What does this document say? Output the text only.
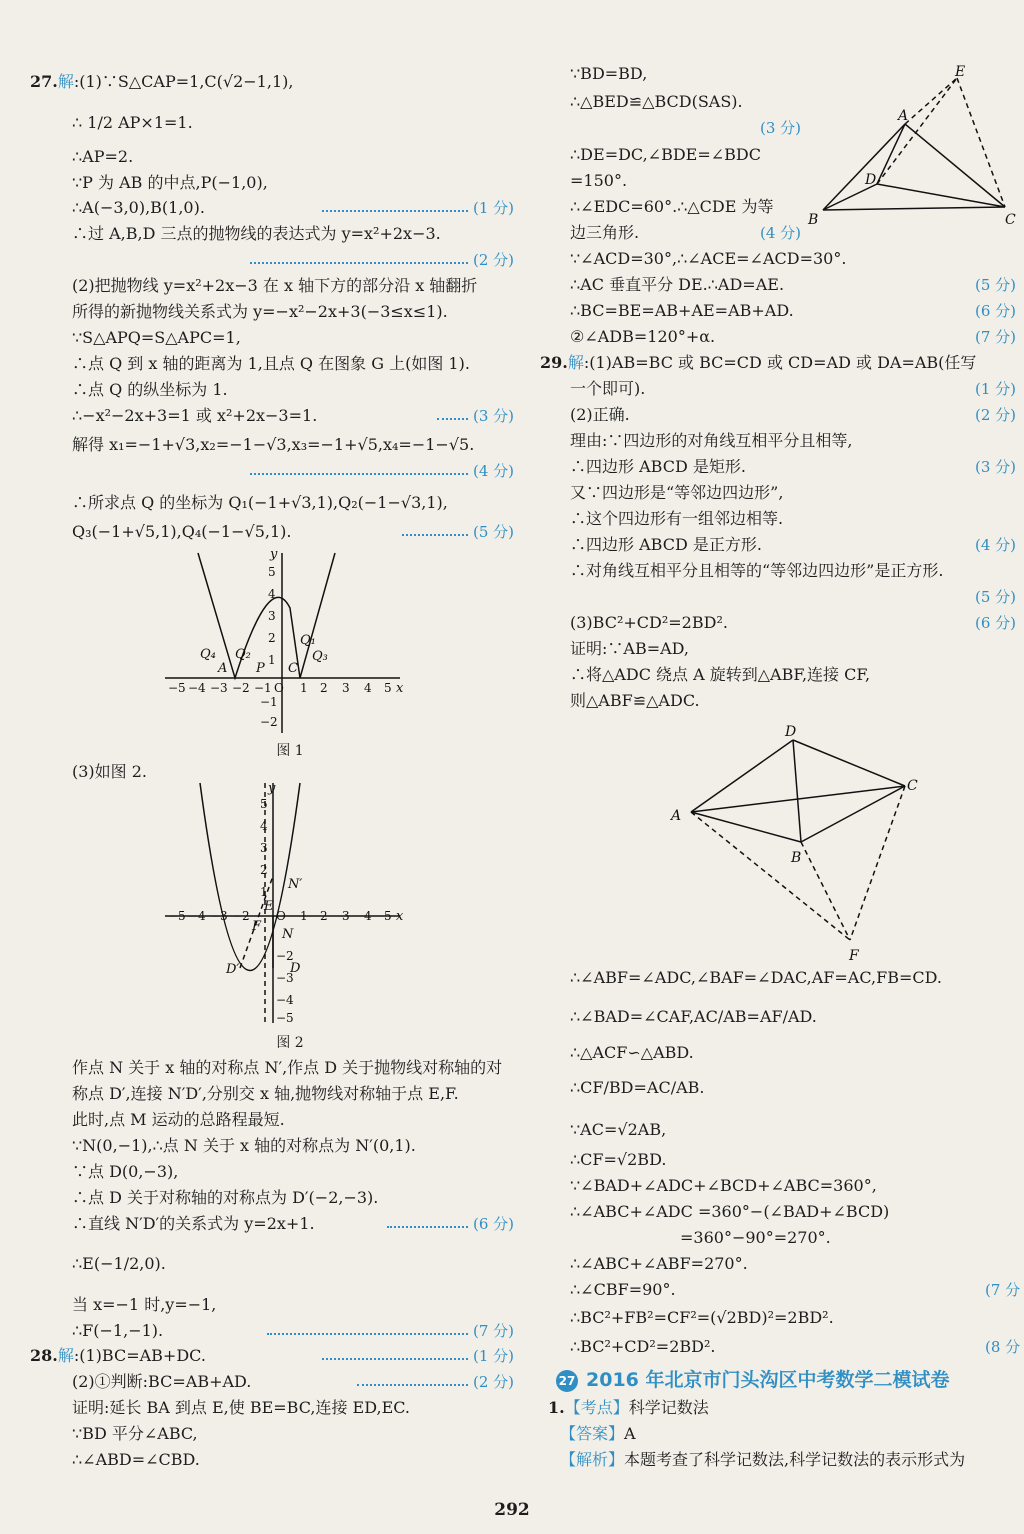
x
y
Q₄
A
Q₂
P C
Q₁
Q₃
−5 −4 −3 −2 −1 O 1 2 3 4 5
5
4
3
2
1
−1
−2
图 1
x
y
N′
E
F
N
D′	D
−5 −4 −3 −2 O 1 2 3 4 5
5
4
3
2
1
−2
−3
−4
−5
图 2
E
A
D
B	C
D
C
A
B
F
27 2016 年北京市门头沟区中考数学二模试卷
1.【考点】科学记数法
【答案】A
【解析】本题考查了科学记数法,科学记数法的表示形式为
292
27.解:(1)∵S△CAP=1,C(√2−1,1),
∴ 1/2 AP×1=1.
∴AP=2.
∵P 为 AB 的中点,P(−1,0),
∴A(−3,0),B(1,0).
∴过 A,B,D 三点的抛物线的表达式为 y=x²+2x−3.
(2)把抛物线 y=x²+2x−3 在 x 轴下方的部分沿 x 轴翻折
所得的新抛物线关系式为 y=−x²−2x+3(−3≤x≤1).
∵S△APQ=S△APC=1,
∴点 Q 到 x 轴的距离为 1,且点 Q 在图象 G 上(如图 1).
∴点 Q 的纵坐标为 1.
∴−x²−2x+3=1 或 x²+2x−3=1.
解得 x₁=−1+√3,x₂=−1−√3,x₃=−1+√5,x₄=−1−√5.
∴所求点 Q 的坐标为 Q₁(−1+√3,1),Q₂(−1−√3,1),
Q₃(−1+√5,1),Q₄(−1−√5,1).
(3)如图 2.
作点 N 关于 x 轴的对称点 N′,作点 D 关于抛物线对称轴的对
称点 D′,连接 N′D′,分别交 x 轴,抛物线对称轴于点 E,F.
此时,点 M 运动的总路程最短.
∵N(0,−1),∴点 N 关于 x 轴的对称点为 N′(0,1).
∵点 D(0,−3),
∴点 D 关于对称轴的对称点为 D′(−2,−3).
∴直线 N′D′的关系式为 y=2x+1.
∴E(−1/2,0).
当 x=−1 时,y=−1,
∴F(−1,−1).
28.解:(1)BC=AB+DC.
(2)①判断:BC=AB+AD.
证明:延长 BA 到点 E,使 BE=BC,连接 ED,EC.
∵BD 平分∠ABC,
∴∠ABD=∠CBD.
∵BD=BD,
∴△BED≌△BCD(SAS).
∴DE=DC,∠BDE=∠BDC
=150°.
∴∠EDC=60°.∴△CDE 为等
边三角形.
∵∠ACD=30°,∴∠ACE=∠ACD=30°.
∴AC 垂直平分 DE.∴AD=AE.
∴BC=BE=AB+AE=AB+AD.
②∠ADB=120°+α.
29.解:(1)AB=BC 或 BC=CD 或 CD=AD 或 DA=AB(任写
一个即可).
(2)正确.
理由:∵四边形的对角线互相平分且相等,
∴四边形 ABCD 是矩形.
又∵四边形是“等邻边四边形”,
∴这个四边形有一组邻边相等.
∴四边形 ABCD 是正方形.
∴对角线互相平分且相等的“等邻边四边形”是正方形.
(3)BC²+CD²=2BD².
证明:∵AB=AD,
∴将△ADC 绕点 A 旋转到△ABF,连接 CF,
则△ABF≌△ADC.
∴∠ABF=∠ADC,∠BAF=∠DAC,AF=AC,FB=CD.
∴∠BAD=∠CAF,AC/AB=AF/AD.
∴△ACF∽△ABD.
∴CF/BD=AC/AB.
∵AC=√2AB,
∴CF=√2BD.
∵∠BAD+∠ADC+∠BCD+∠ABC=360°,
∴∠ABC+∠ADC =360°−(∠BAD+∠BCD)
=360°−90°=270°.
∴∠ABC+∠ABF=270°.
∴∠CBF=90°.
∴BC²+FB²=CF²=(√2BD)²=2BD².
∴BC²+CD²=2BD².
(1 分)
(2 分)
(3 分)
(4 分)
(5 分)
(6 分)
(7 分)
(1 分)
(2 分)
(3 分)
(4 分)
(5 分)
(6 分)
(7 分)
(1 分)
(2 分)
(3 分)
(4 分)
(5 分)
(6 分)
(7 分
(8 分
